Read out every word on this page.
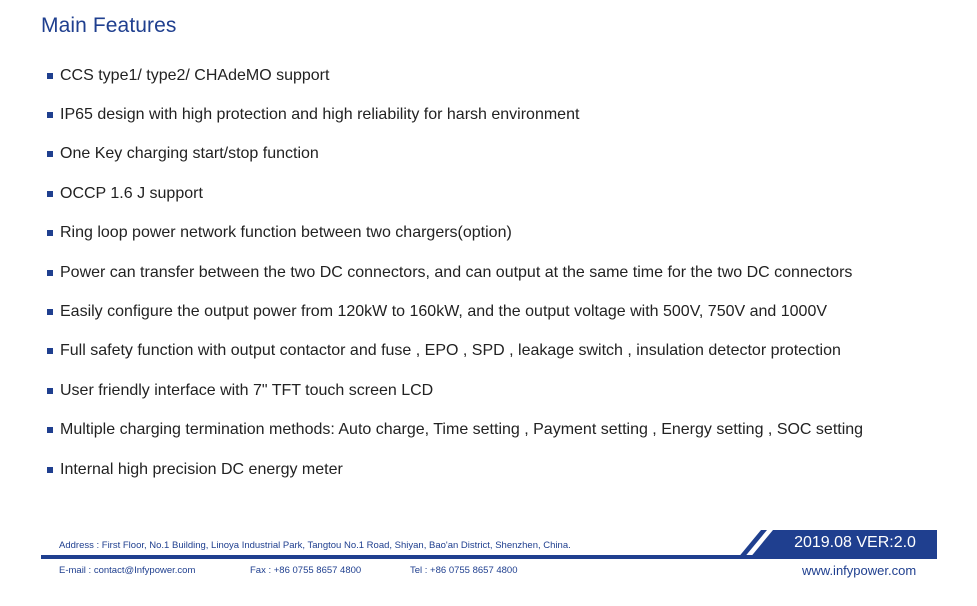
Main Features
CCS type1/ type2/ CHAdeMO support
IP65 design with high protection and high reliability for harsh environment
One Key charging start/stop function
OCCP 1.6 J support
Ring loop power network function between two chargers(option)
Power can transfer between the two DC connectors, and can output at the same time for the two DC connectors
Easily configure the output power from 120kW to 160kW, and the output voltage with 500V, 750V and 1000V
Full safety function with output contactor and fuse , EPO , SPD , leakage switch , insulation detector protection
User friendly interface with 7" TFT touch screen LCD
Multiple charging termination methods: Auto charge, Time setting , Payment setting , Energy setting , SOC setting
Internal high precision DC energy meter
Address : First Floor, No.1 Building, Linoya Industrial Park, Tangtou No.1 Road, Shiyan, Bao'an District, Shenzhen, China.	2019.08 VER:2.0
E-mail : contact@Infypower.com	Fax : +86 0755 8657 4800	Tel : +86 0755 8657 4800	www.infypower.com
